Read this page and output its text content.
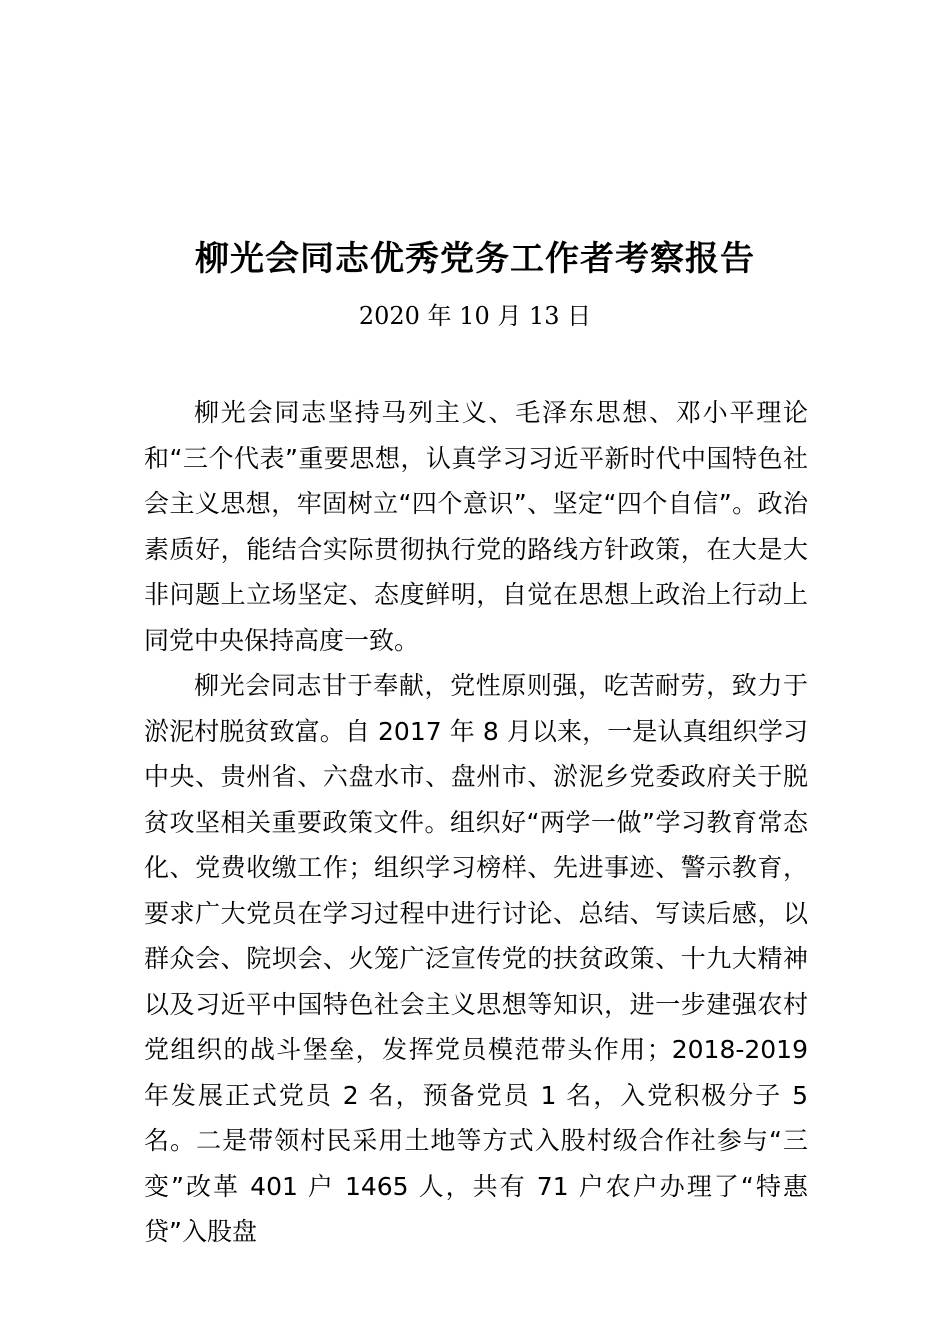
柳光会同志优秀党务工作者考察报告
2020 年 10 月 13 日

柳光会同志坚持马列主义、毛泽东思想、邓小平理论和“三个代表”重要思想，认真学习习近平新时代中国特色社会主义思想，牢固树立“四个意识”、坚定“四个自信”。政治素质好，能结合实际贯彻执行党的路线方针政策，在大是大非问题上立场坚定、态度鲜明，自觉在思想上政治上行动上同党中央保持高度一致。

柳光会同志甘于奉献，党性原则强，吃苦耐劳，致力于淤泥村脱贫致富。自 2017 年 8 月以来，一是认真组织学习中央、贵州省、六盘水市、盘州市、淤泥乡党委政府关于脱贫攻坚相关重要政策文件。组织好“两学一做”学习教育常态化、党费收缴工作；组织学习榜样、先进事迹、警示教育， 要求广大党员在学习过程中进行讨论、总结、写读后感，以群众会、院坝会、火笼广泛宣传党的扶贫政策、十九大精神以及习近平中国特色社会主义思想等知识，进一步建强农村党组织的战斗堡垒，发挥党员模范带头作用；2018-2019 年发展正式党员 2 名，预备党员 1 名，入党积极分子 5 名。二是带领村民采用土地等方式入股村级合作社参与“三变”改革 401 户 1465 人，共有 71 户农户办理了“特惠贷”入股盘
